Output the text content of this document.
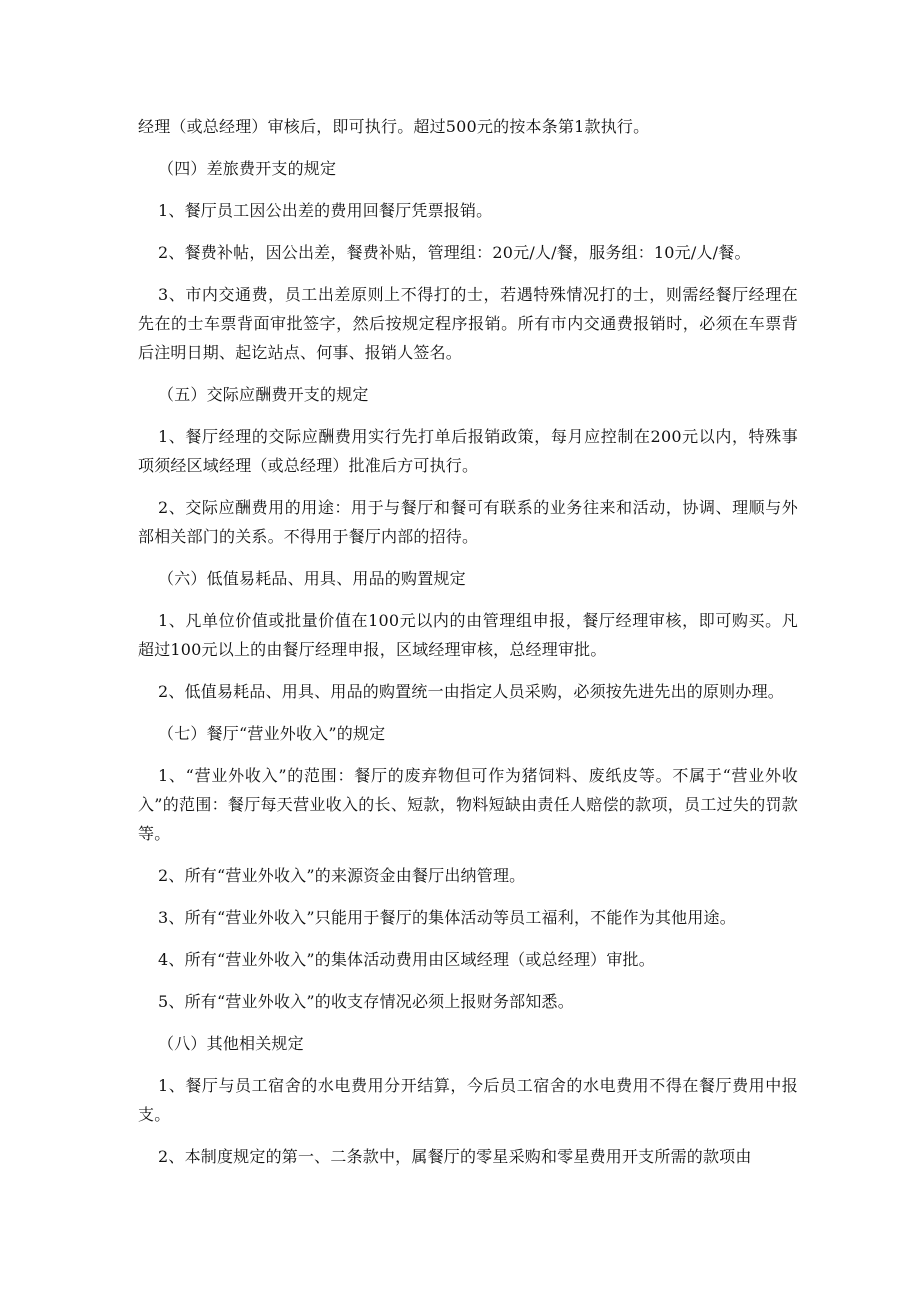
经理（或总经理）审核后，即可执行。超过500元的按本条第1款执行。

（四）差旅费开支的规定

1、餐厅员工因公出差的费用回餐厅凭票报销。

2、餐费补帖，因公出差，餐费补贴，管理组：20元/人/餐，服务组：10元/人/餐。

3、市内交通费，员工出差原则上不得打的士，若遇特殊情况打的士，则需经餐厅经理在先在的士车票背面审批签字，然后按规定程序报销。所有市内交通费报销时，必须在车票背后注明日期、起讫站点、何事、报销人签名。

（五）交际应酬费开支的规定

1、餐厅经理的交际应酬费用实行先打单后报销政策，每月应控制在200元以内，特殊事项须经区域经理（或总经理）批准后方可执行。

2、交际应酬费用的用途：用于与餐厅和餐可有联系的业务往来和活动，协调、理顺与外部相关部门的关系。不得用于餐厅内部的招待。

（六）低值易耗品、用具、用品的购置规定

1、凡单位价值或批量价值在100元以内的由管理组申报，餐厅经理审核，即可购买。凡超过100元以上的由餐厅经理申报，区域经理审核，总经理审批。

2、低值易耗品、用具、用品的购置统一由指定人员采购，必须按先进先出的原则办理。

（七）餐厅“营业外收入”的规定

1、“营业外收入”的范围：餐厅的废弃物但可作为猪饲料、废纸皮等。不属于“营业外收入”的范围：餐厅每天营业收入的长、短款，物料短缺由责任人赔偿的款项，员工过失的罚款等。

2、所有“营业外收入”的来源资金由餐厅出纳管理。

3、所有“营业外收入”只能用于餐厅的集体活动等员工福利，不能作为其他用途。

4、所有“营业外收入”的集体活动费用由区域经理（或总经理）审批。

5、所有“营业外收入”的收支存情况必须上报财务部知悉。

（八）其他相关规定

1、餐厅与员工宿舍的水电费用分开结算，今后员工宿舍的水电费用不得在餐厅费用中报支。

2、本制度规定的第一、二条款中，属餐厅的零星采购和零星费用开支所需的款项由
